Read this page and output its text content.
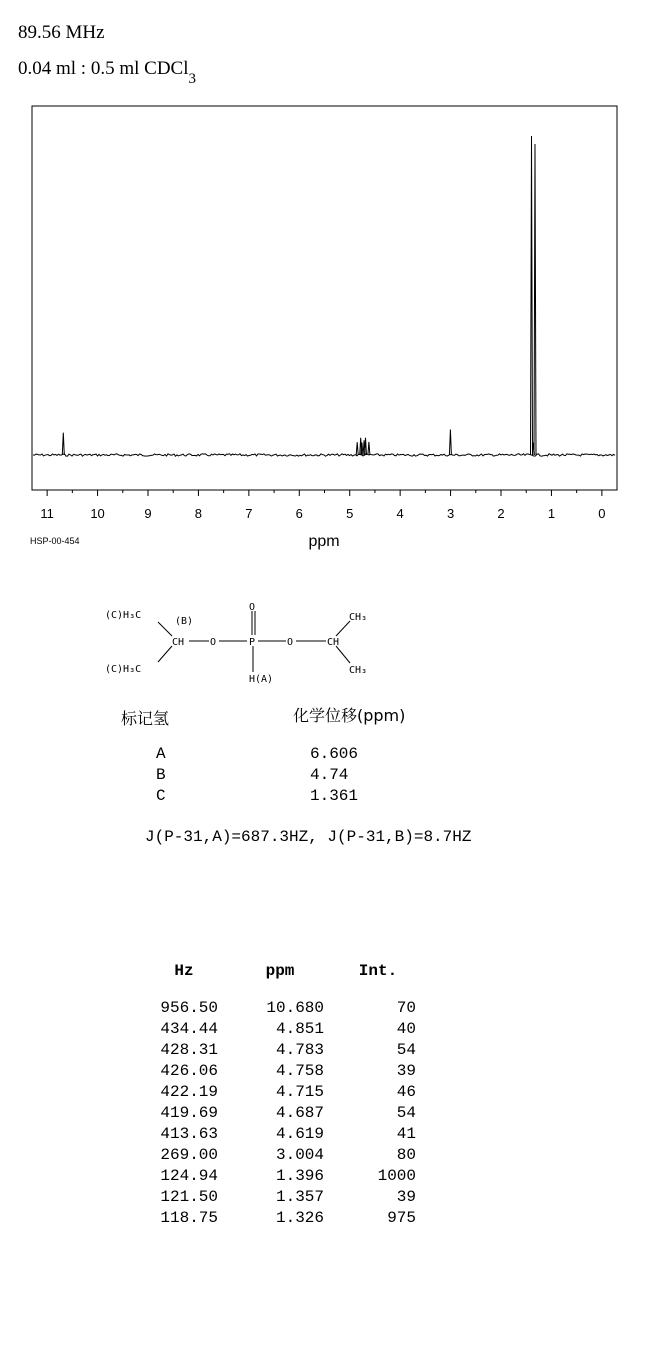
89.56 MHz
0.04 ml : 0.5 ml CDCl$_3$
11	10	9	8	7	6	5	4	3	2	1	0
ppm
HSP-00-454
(C)H₃C
(B)
CH	O	P
O
O	CH
CH₃
(C)H₃C	CH₃
H(A)
标记氢	化学位移(ppm)
A	6.606
B	4.74
C	1.361
J(P-31,A)=687.3HZ, J(P-31,B)=8.7HZ
Hz	ppm	Int.

956.50	10.680	70
434.44	4.851	40
428.31	4.783	54
426.06	4.758	39
422.19	4.715	46
419.69	4.687	54
413.63	4.619	41
269.00	3.004	80
124.94	1.396	1000
121.50	1.357	39
118.75	1.326	975
